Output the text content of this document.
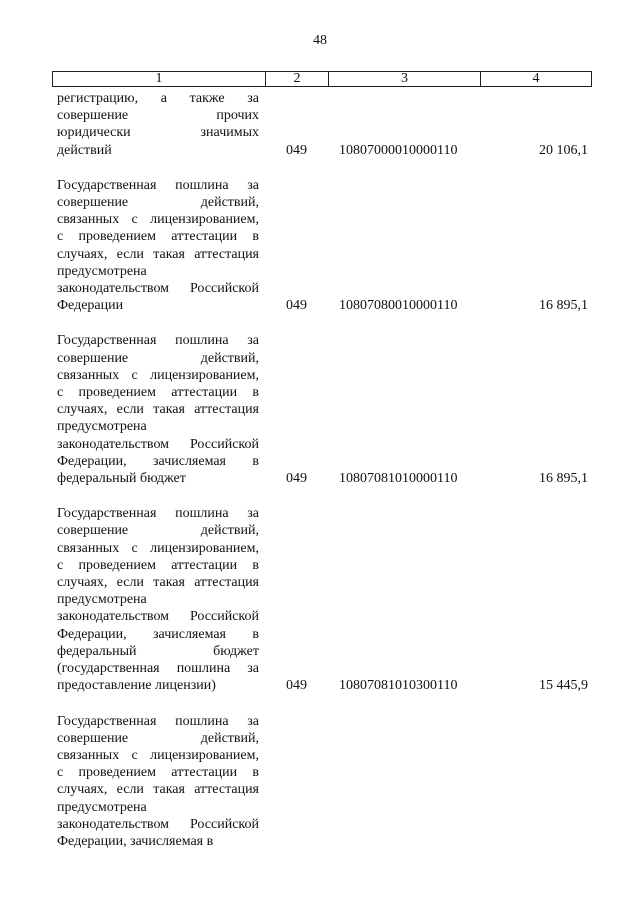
48
1	2	3	4
регистрацию, а также за
совершение прочих
юридически значимых
действий	049 10807000010000110	20 106,1
Государственная пошлина за
совершение действий,
связанных с лицензированием,
с проведением аттестации в
случаях, если такая аттестация
предусмотрена
законодательством Российской
Федерации	049 10807080010000110	16 895,1
Государственная пошлина за
совершение действий,
связанных с лицензированием,
с проведением аттестации в
случаях, если такая аттестация
предусмотрена
законодательством Российской
Федерации, зачисляемая в
федеральный бюджет	049 10807081010000110	16 895,1
Государственная пошлина за
совершение действий,
связанных с лицензированием,
с проведением аттестации в
случаях, если такая аттестация
предусмотрена
законодательством Российской
Федерации, зачисляемая в
федеральный бюджет
(государственная пошлина за
предоставление лицензии)	049 10807081010300110	15 445,9
Государственная пошлина за
совершение действий,
связанных с лицензированием,
с проведением аттестации в
случаях, если такая аттестация
предусмотрена
законодательством Российской
Федерации, зачисляемая в
